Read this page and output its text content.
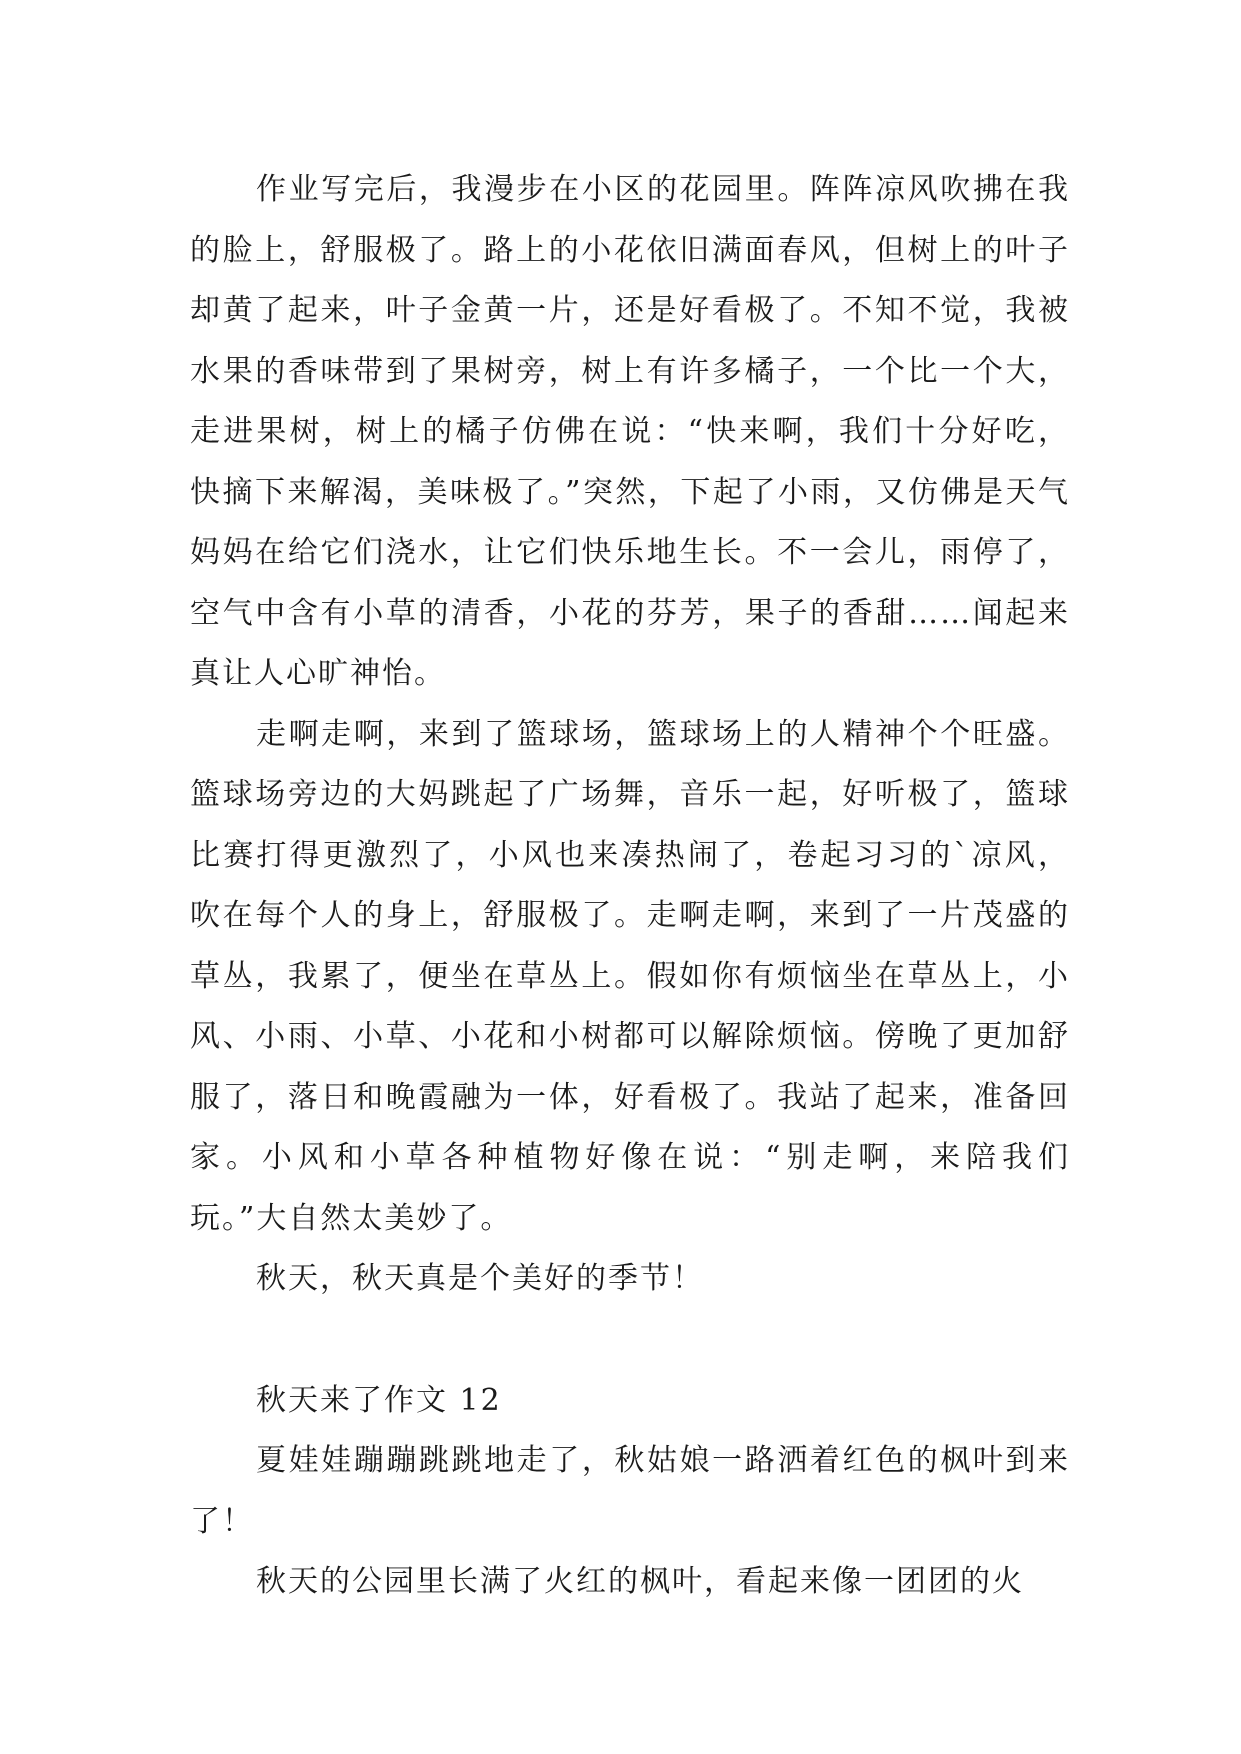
作业写完后，我漫步在小区的花园里。阵阵凉风吹拂在我的脸上，舒服极了。路上的小花依旧满面春风，但树上的叶子却黄了起来，叶子金黄一片，还是好看极了。不知不觉，我被水果的香味带到了果树旁，树上有许多橘子，一个比一个大，走进果树，树上的橘子仿佛在说：“快来啊，我们十分好吃，快摘下来解渴，美味极了。”突然，下起了小雨，又仿佛是天气妈妈在给它们浇水，让它们快乐地生长。不一会儿，雨停了，空气中含有小草的清香，小花的芬芳，果子的香甜……闻起来真让人心旷神怡。

走啊走啊，来到了篮球场，篮球场上的人精神个个旺盛。篮球场旁边的大妈跳起了广场舞，音乐一起，好听极了，篮球比赛打得更激烈了，小风也来凑热闹了，卷起习习的`凉风，吹在每个人的身上，舒服极了。走啊走啊，来到了一片茂盛的草丛，我累了，便坐在草丛上。假如你有烦恼坐在草丛上，小风、小雨、小草、小花和小树都可以解除烦恼。傍晚了更加舒服了，落日和晚霞融为一体，好看极了。我站了起来，准备回家。小风和小草各种植物好像在说：“别走啊，来陪我们玩。”大自然太美妙了。

秋天，秋天真是个美好的季节！

秋天来了作文 12

夏娃娃蹦蹦跳跳地走了，秋姑娘一路洒着红色的枫叶到来了！

秋天的公园里长满了火红的枫叶，看起来像一团团的火
